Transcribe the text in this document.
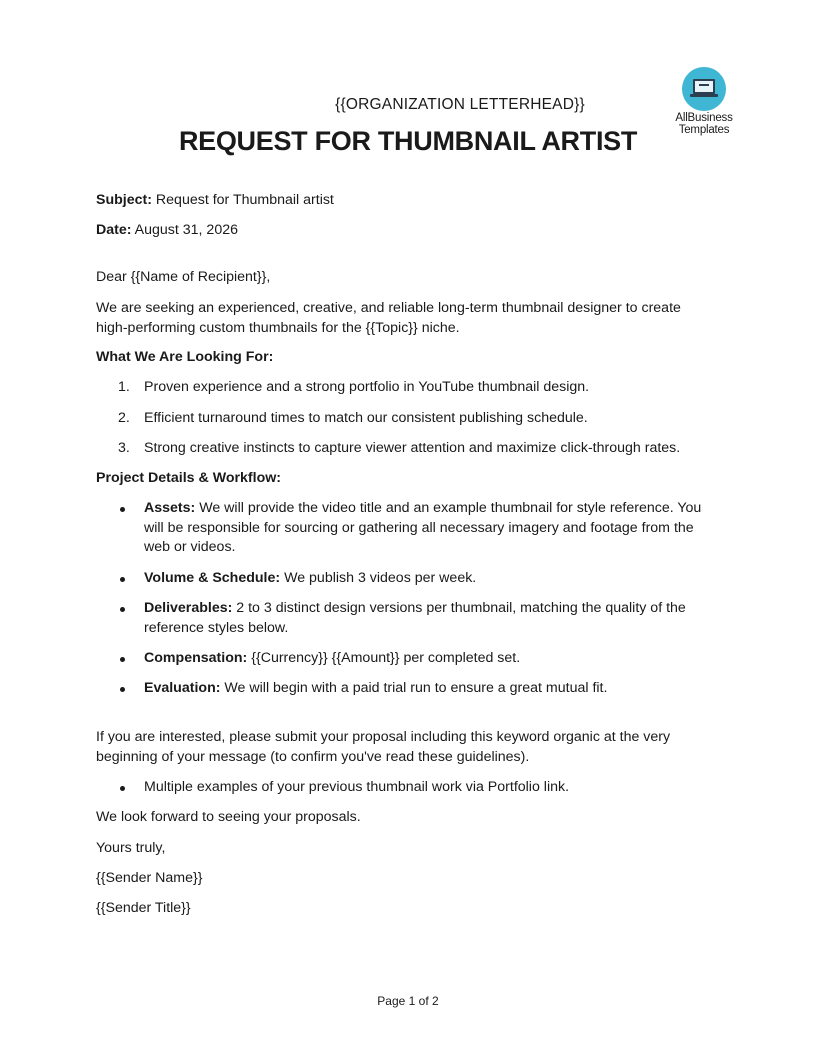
AllBusiness
Templates
{{ORGANIZATION LETTERHEAD}}
REQUEST FOR THUMBNAIL ARTIST

Subject: Request for Thumbnail artist

Date: August 31, 2026

Dear {{Name of Recipient}},

We are seeking an experienced, creative, and reliable long-term thumbnail designer to create high-performing custom thumbnails for the {{Topic}} niche.

What We Are Looking For:

1. Proven experience and a strong portfolio in YouTube thumbnail design.
2. Efficient turnaround times to match our consistent publishing schedule.
3. Strong creative instincts to capture viewer attention and maximize click-through rates.

Project Details & Workflow:

Assets: We will provide the video title and an example thumbnail for style reference. You will be responsible for sourcing or gathering all necessary imagery and footage from the web or videos.
Volume & Schedule: We publish 3 videos per week.
Deliverables: 2 to 3 distinct design versions per thumbnail, matching the quality of the reference styles below.
Compensation: {{Currency}} {{Amount}} per completed set.
Evaluation: We will begin with a paid trial run to ensure a great mutual fit.

If you are interested, please submit your proposal including this keyword organic at the very beginning of your message (to confirm you've read these guidelines).

Multiple examples of your previous thumbnail work via Portfolio link.

We look forward to seeing your proposals.

Yours truly,

{{Sender Name}}

{{Sender Title}}

Page 1 of 2
